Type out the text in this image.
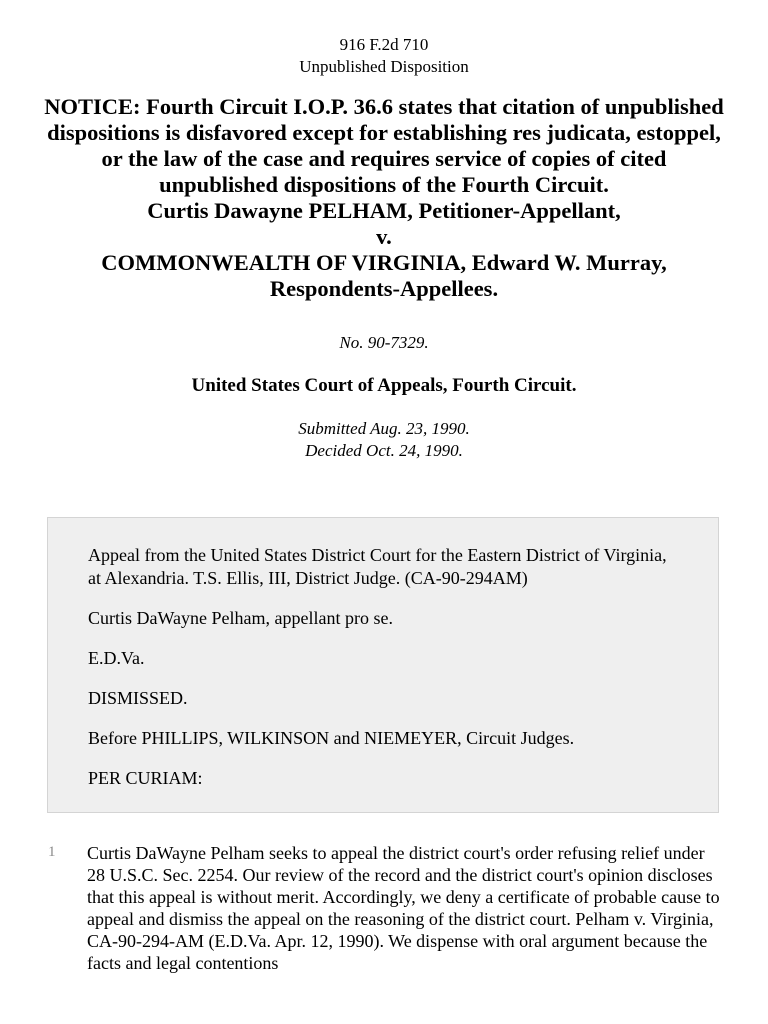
916 F.2d 710
Unpublished Disposition
NOTICE: Fourth Circuit I.O.P. 36.6 states that citation of unpublished dispositions is disfavored except for establishing res judicata, estoppel, or the law of the case and requires service of copies of cited unpublished dispositions of the Fourth Circuit.
Curtis Dawayne PELHAM, Petitioner-Appellant,
v.
COMMONWEALTH OF VIRGINIA, Edward W. Murray, Respondents-Appellees.
No. 90-7329.
United States Court of Appeals, Fourth Circuit.
Submitted Aug. 23, 1990.
Decided Oct. 24, 1990.

Appeal from the United States District Court for the Eastern District of Virginia, at Alexandria. T.S. Ellis, III, District Judge. (CA-90-294AM)

Curtis DaWayne Pelham, appellant pro se.

E.D.Va.

DISMISSED.

Before PHILLIPS, WILKINSON and NIEMEYER, Circuit Judges.

PER CURIAM:

1 Curtis DaWayne Pelham seeks to appeal the district court's order refusing relief under 28 U.S.C. Sec. 2254. Our review of the record and the district court's opinion discloses that this appeal is without merit. Accordingly, we deny a certificate of probable cause to appeal and dismiss the appeal on the reasoning of the district court. Pelham v. Virginia, CA-90-294-AM (E.D.Va. Apr. 12, 1990). We dispense with oral argument because the facts and legal contentions
